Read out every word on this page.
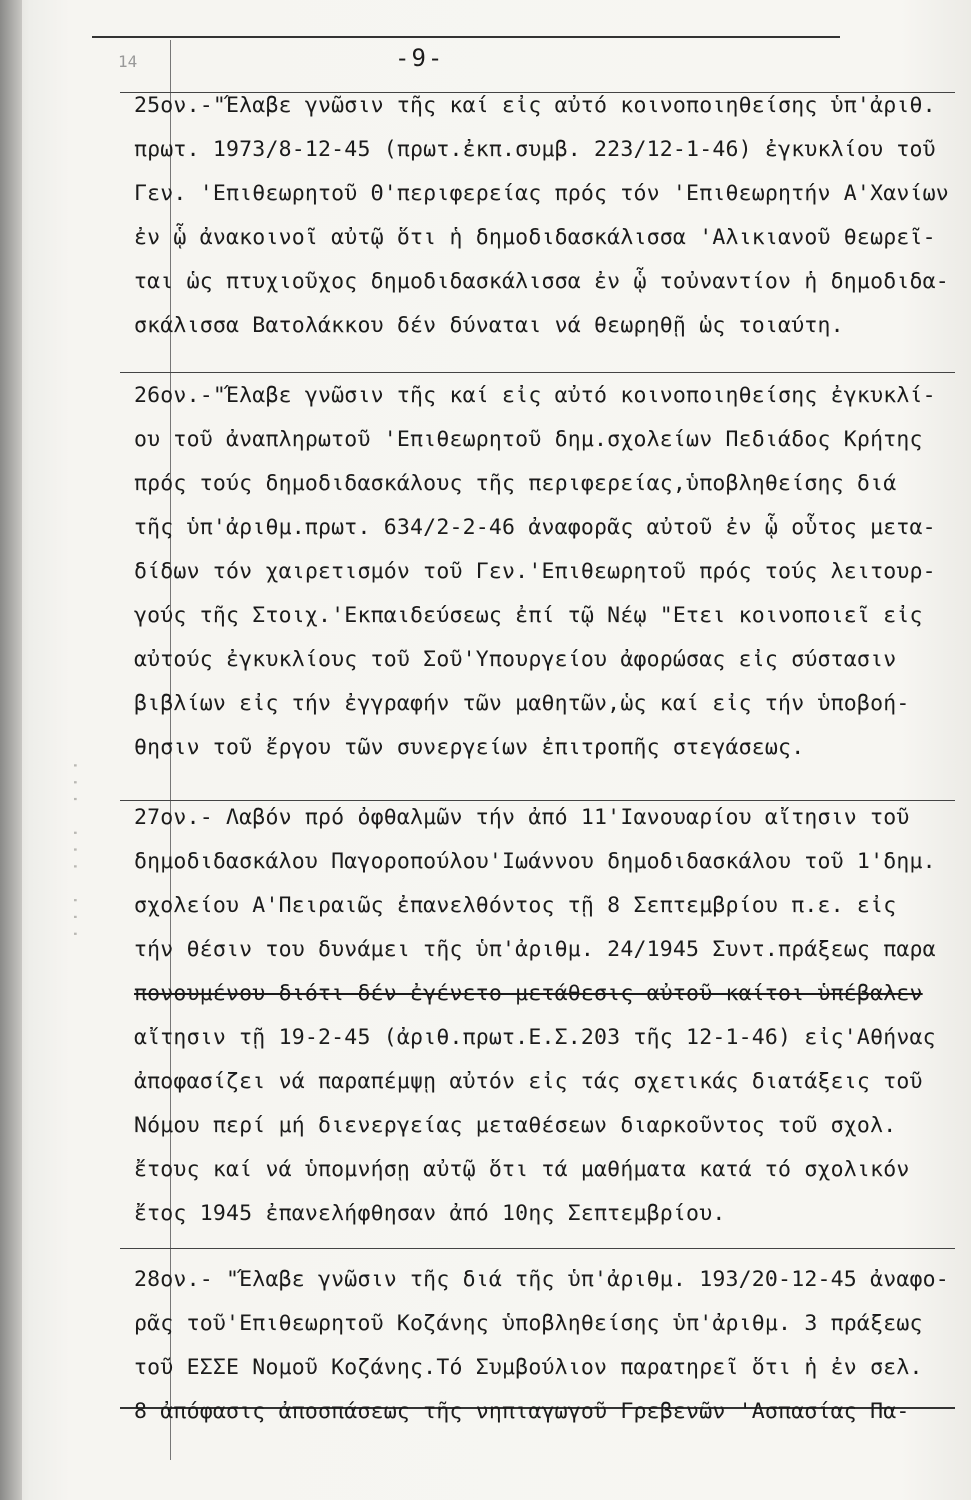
··· ··· ···
14	-9-
25ον.-"Έλαβε γνῶσιν τῆς καί εἰς αὐτό κοινοποιηθείσης ὑπ'ἀριθ.
πρωτ. 1973/8-12-45 (πρωτ.ἐκπ.συμβ. 223/12-1-46) ἐγκυκλίου τοῦ
Γεν. 'Επιθεωρητοῦ Θ'περιφερείας πρός τόν 'Επιθεωρητήν Α'Χανίων
ἐν ᾧ ἀνακοινοῖ αὐτῷ ὅτι ἡ δημοδιδασκάλισσα 'Αλικιανοῦ θεωρεῖ-
ται ὡς πτυχιοῦχος δημοδιδασκάλισσα ἐν ᾧ τοὐναντίον ἡ δημοδιδα-
σκάλισσα Βατολάκκου δέν δύναται νά θεωρηθῇ ὡς τοιαύτη.
26ον.-"Έλαβε γνῶσιν τῆς καί εἰς αὐτό κοινοποιηθείσης ἐγκυκλί-
ου τοῦ ἀναπληρωτοῦ 'Επιθεωρητοῦ δημ.σχολείων Πεδιάδος Κρήτης
πρός τούς δημοδιδασκάλους τῆς περιφερείας,ὑποβληθείσης διά
τῆς ὑπ'ἀριθμ.πρωτ. 634/2-2-46 ἀναφορᾶς αὐτοῦ ἐν ᾧ οὗτος μετα-
δίδων τόν χαιρετισμόν τοῦ Γεν.'Επιθεωρητοῦ πρός τούς λειτουρ-
γούς τῆς Στοιχ.'Εκπαιδεύσεως ἐπί τῷ Νέῳ "Ετει κοινοποιεῖ εἰς
αὐτούς ἐγκυκλίους τοῦ Σοῦ'Υπουργείου ἀφορώσας εἰς σύστασιν
βιβλίων εἰς τήν ἐγγραφήν τῶν μαθητῶν,ὡς καί εἰς τήν ὑποβοή-
θησιν τοῦ ἔργου τῶν συνεργείων ἐπιτροπῆς στεγάσεως.
27ον.- Λαβόν πρό ὀφθαλμῶν τήν ἀπό 11'Ιανουαρίου αἴτησιν τοῦ
δημοδιδασκάλου Παγοροπούλου'Ιωάννου δημοδιδασκάλου τοῦ 1'δημ.
σχολείου Α'Πειραιῶς ἐπανελθόντος τῇ 8 Σεπτεμβρίου π.ε. εἰς
τήν θέσιν του δυνάμει τῆς ὑπ'ἀριθμ. 24/1945 Συντ.πράξεως παρα
πονουμένου διότι δέν ἐγένετο μετάθεσις αὐτοῦ καίτοι ὑπέβαλεν
αἴτησιν τῇ 19-2-45 (ἀριθ.πρωτ.Ε.Σ.203 τῆς 12-1-46) εἰς'Αθήνας
ἀποφασίζει νά παραπέμψῃ αὐτόν εἰς τάς σχετικάς διατάξεις τοῦ
Νόμου περί μή διενεργείας μεταθέσεων διαρκοῦντος τοῦ σχολ.
ἔτους καί νά ὑπομνήσῃ αὐτῷ ὅτι τά μαθήματα κατά τό σχολικόν
ἔτος 1945 ἐπανελήφθησαν ἀπό 10ης Σεπτεμβρίου.
28ον.- "Έλαβε γνῶσιν τῆς διά τῆς ὑπ'ἀριθμ. 193/20-12-45 ἀναφο-
ρᾶς τοῦ'Επιθεωρητοῦ Κοζάνης ὑποβληθείσης ὑπ'ἀριθμ. 3 πράξεως
τοῦ ΕΣΣΕ Νομοῦ Κοζάνης.Τό Συμβούλιον παρατηρεῖ ὅτι ἡ ἐν σελ.
8 ἀπόφασις ἀποσπάσεως τῆς νηπιαγωγοῦ Γρεβενῶν 'Ασπασίας Πα-
